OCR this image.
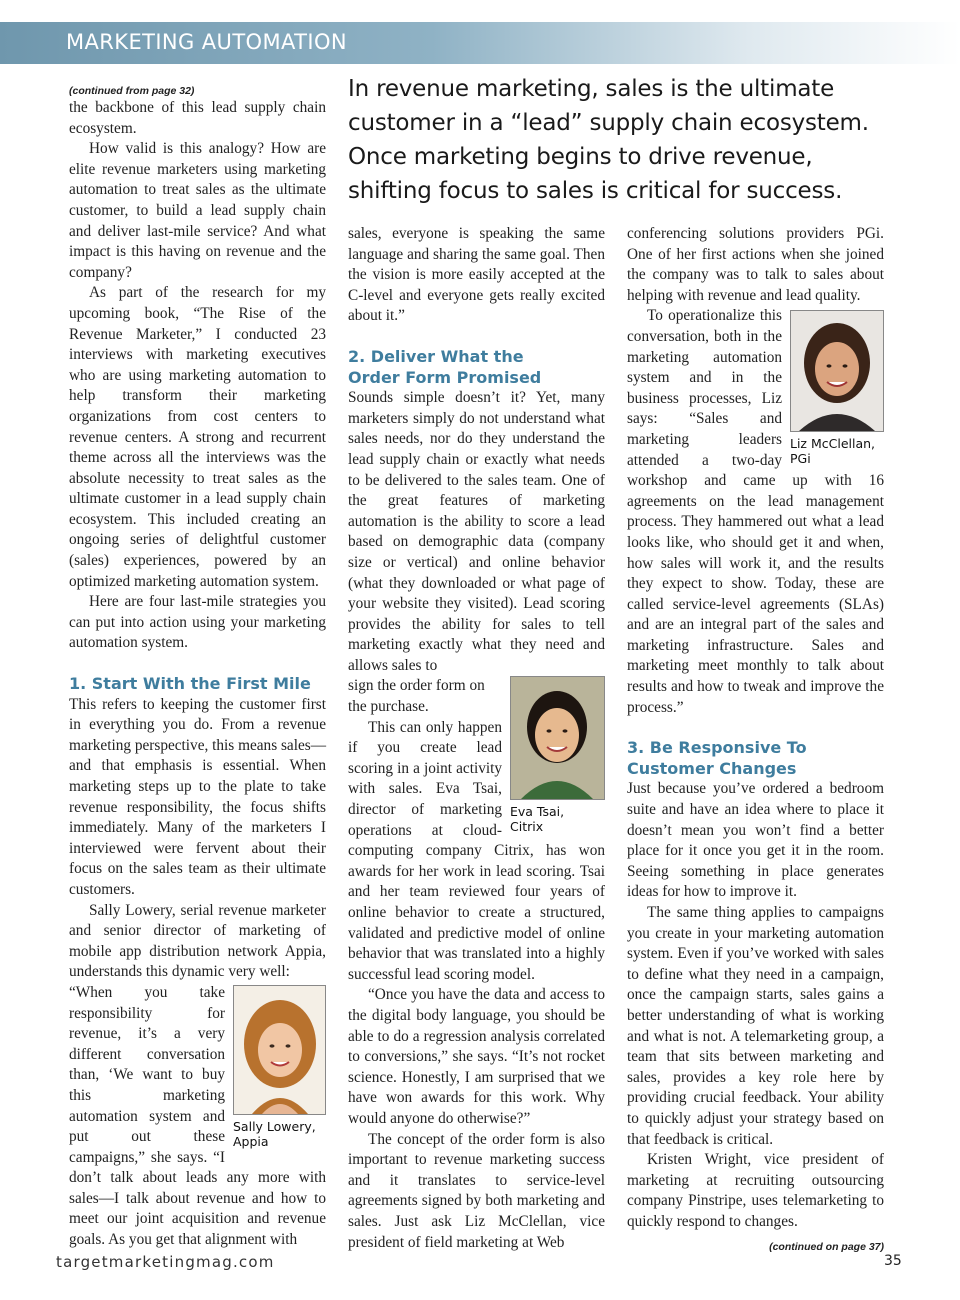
MARKETING AUTOMATION
In revenue marketing, sales is the ultimate customer in a “lead” supply chain ecosystem. Once marketing begins to drive revenue, shifting focus to sales is critical for success.
(continued from page 32)

the backbone of this lead supply chain ecosystem.

How valid is this analogy? How are elite revenue marketers using marketing automation to treat sales as the ultimate customer, to build a lead supply chain and deliver last-mile service? And what impact is this having on revenue and the company?

As part of the research for my upcoming book, “The Rise of the Revenue Marketer,” I conducted 23 interviews with marketing executives who are using marketing automation to help transform their marketing organizations from cost centers to revenue centers. A strong and recurrent theme across all the interviews was the absolute necessity to treat sales as the ultimate customer in a lead supply chain ecosystem. This included creating an ongoing series of delightful customer (sales) experiences, powered by an optimized marketing automation system.

Here are four last-mile strategies you can put into action using your marketing automation system.

1. Start With the First Mile

This refers to keeping the customer first in everything you do. From a revenue marketing perspective, this means sales—and that emphasis is essential. When marketing steps up to the plate to take revenue responsibility, the focus shifts immediately. Many of the marketers I interviewed were fervent about their focus on the sales team as their ultimate customers.

Sally Lowery, serial revenue marketer and senior director of marketing of mobile app distribution network Appia, understands this dynamic very well:

Sally Lowery,
Appia

“When you take responsibility for revenue, it’s a very different conversation than, ‘We want to buy this marketing automation system and put out these campaigns,” she says. “I don’t talk about leads any more with sales—I talk about revenue and how to meet our joint acquisition and revenue goals. As you get that alignment with

sales, everyone is speaking the same language and sharing the same goal. Then the vision is more easily accepted at the C-level and everyone gets really excited about it.”

2. Deliver What the
Order Form Promised

Sounds simple doesn’t it? Yet, many marketers simply do not understand what sales needs, nor do they understand the lead supply chain or exactly what needs to be delivered to the sales team. One of the great features of marketing automation is the ability to score a lead based on demographic data (company size or vertical) and online behavior (what they downloaded or what page of your website they visited). Lead scoring provides the ability for sales to tell marketing exactly what they need and allows sales to

Eva Tsai,
Citrix

sign the order form on the purchase.

This can only happen if you create lead scoring in a joint activity with sales. Eva Tsai, director of marketing operations at cloud-computing company Citrix, has won awards for her work in lead scoring. Tsai and her team reviewed four years of online behavior to create a structured, validated and predictive model of online behavior that was translated into a highly successful lead scoring model.

“Once you have the data and access to the digital body language, you should be able to do a regression analysis correlated to conversions,” she says. “It’s not rocket science. Honestly, I am surprised that we have won awards for this work. Why would anyone do otherwise?”

The concept of the order form is also important to revenue marketing success and it translates to service-level agreements signed by both marketing and sales. Just ask Liz McClellan, vice president of field marketing at Web

conferencing solutions providers PGi. One of her first actions when she joined the company was to talk to sales about helping with revenue and lead quality.

Liz McClellan,
PGi

To operationalize this conversation, both in the marketing automation system and in the business processes, Liz says: “Sales and marketing leaders attended a two-day workshop and came up with 16 agreements on the lead management process. They hammered out what a lead looks like, who should get it and when, how sales will work it, and the results they expect to show. Today, these are called service-level agreements (SLAs) and are an integral part of the sales and marketing infrastructure. Sales and marketing meet monthly to talk about results and how to tweak and improve the process.”

3. Be Responsive To
Customer Changes

Just because you’ve ordered a bedroom suite and have an idea where to place it doesn’t mean you won’t find a better place for it once you get it in the room. Seeing something in place generates ideas for how to improve it.

The same thing applies to campaigns you create in your marketing automation system. Even if you’ve worked with sales to define what they need in a campaign, once the campaign starts, sales gains a better understanding of what is working and what is not. A telemarketing group, a team that sits between marketing and sales, provides a key role here by providing crucial feedback. Your ability to quickly adjust your strategy based on that feedback is critical.

Kristen Wright, vice president of marketing at recruiting outsourcing company Pinstripe, uses telemarketing to quickly respond to changes.

(continued on page 37)
targetmarketingmag.com	35
